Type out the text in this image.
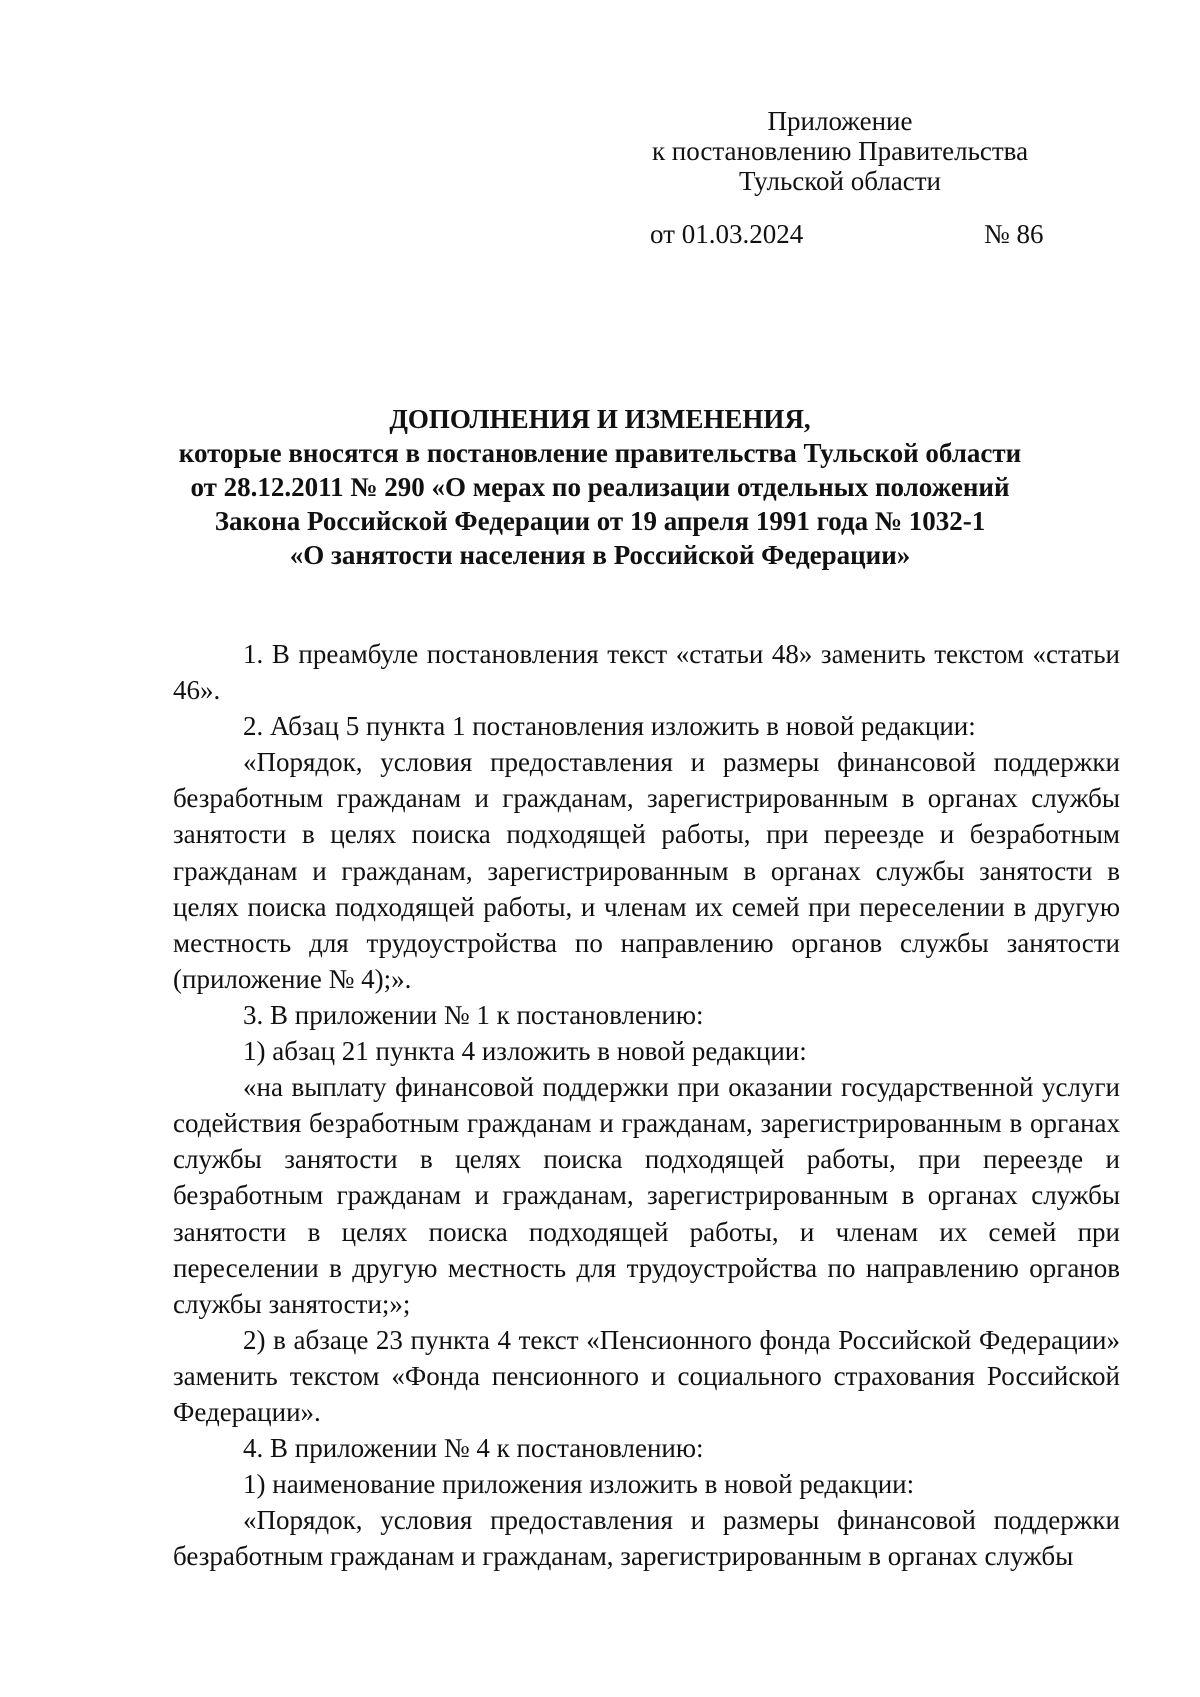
Приложение
к постановлению Правительства
Тульской области
от 01.03.2024	№ 86
ДОПОЛНЕНИЯ И ИЗМЕНЕНИЯ,
которые вносятся в постановление правительства Тульской области
от 28.12.2011 № 290 «О мерах по реализации отдельных положений
Закона Российской Федерации от 19 апреля 1991 года № 1032-1
«О занятости населения в Российской Федерации»

1. В преамбуле постановления текст «статьи 48» заменить текстом «статьи 46».

2. Абзац 5 пункта 1 постановления изложить в новой редакции:

«Порядок, условия предоставления и размеры финансовой поддержки безработным гражданам и гражданам, зарегистрированным в органах службы занятости в целях поиска подходящей работы, при переезде и безработным гражданам и гражданам, зарегистрированным в органах службы занятости в целях поиска подходящей работы, и членам их семей при переселении в другую местность для трудоустройства по направлению органов службы занятости (приложение № 4);».

3. В приложении № 1 к постановлению:

1) абзац 21 пункта 4 изложить в новой редакции:

«на выплату финансовой поддержки при оказании государственной услуги содействия безработным гражданам и гражданам, зарегистрированным в органах службы занятости в целях поиска подходящей работы, при переезде и безработным гражданам и гражданам, зарегистрированным в органах службы занятости в целях поиска подходящей работы, и членам их семей при переселении в другую местность для трудоустройства по направлению органов службы занятости;»;

2) в абзаце 23 пункта 4 текст «Пенсионного фонда Российской Федерации» заменить текстом «Фонда пенсионного и социального страхования Российской Федерации».

4. В приложении № 4 к постановлению:

1) наименование приложения изложить в новой редакции:

«Порядок, условия предоставления и размеры финансовой поддержки безработным гражданам и гражданам, зарегистрированным в органах службы
